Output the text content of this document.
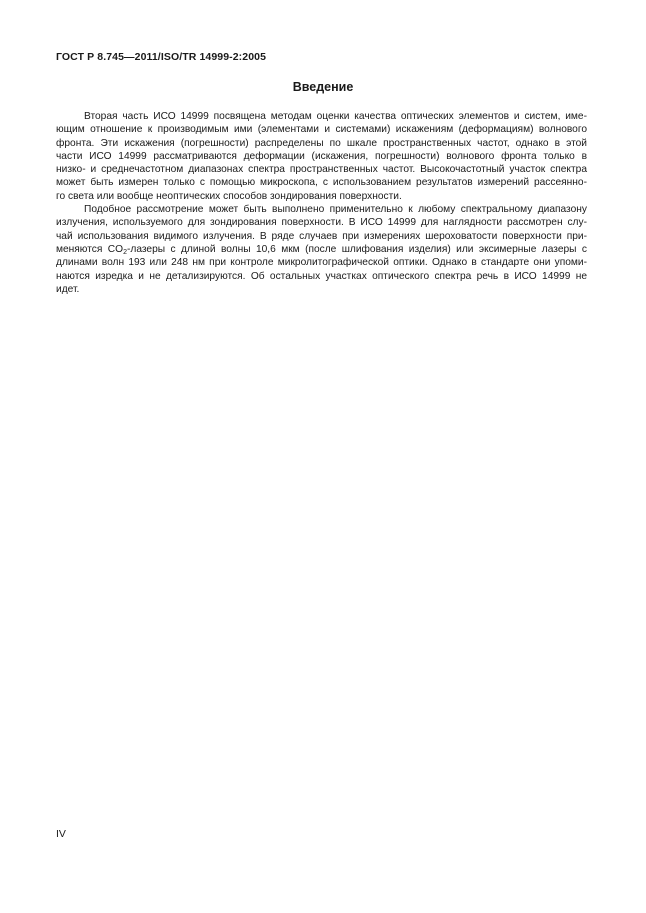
ГОСТ Р 8.745—2011/ISO/TR 14999-2:2005
Введение
Вторая часть ИСО 14999 посвящена методам оценки качества оптических элементов и систем, име-
ющим отношение к производимым ими (элементами и системами) искажениям (деформациям) волнового
фронта. Эти искажения (погрешности) распределены по шкале пространственных частот, однако в этой
части ИСО 14999 рассматриваются деформации (искажения, погрешности) волнового фронта только в
низко- и среднечастотном диапазонах спектра пространственных частот. Высокочастотный участок спектра
может быть измерен только с помощью микроскопа, с использованием результатов измерений рассеянно-
го света или вообще неоптических способов зондирования поверхности.
Подобное рассмотрение может быть выполнено применительно к любому спектральному диапазону
излучения, используемого для зондирования поверхности. В ИСО 14999 для наглядности рассмотрен слу-
чай использования видимого излучения. В ряде случаев при измерениях шероховатости поверхности при-
меняются $CO_2$-лазеры с длиной волны 10,6 мкм (после шлифования изделия) или эксимерные лазеры с
длинами волн 193 или 248 нм при контроле микролитографической оптики. Однако в стандарте они упоми-
наются изредка и не детализируются. Об остальных участках оптического спектра речь в ИСО 14999 не
идет.
IV
